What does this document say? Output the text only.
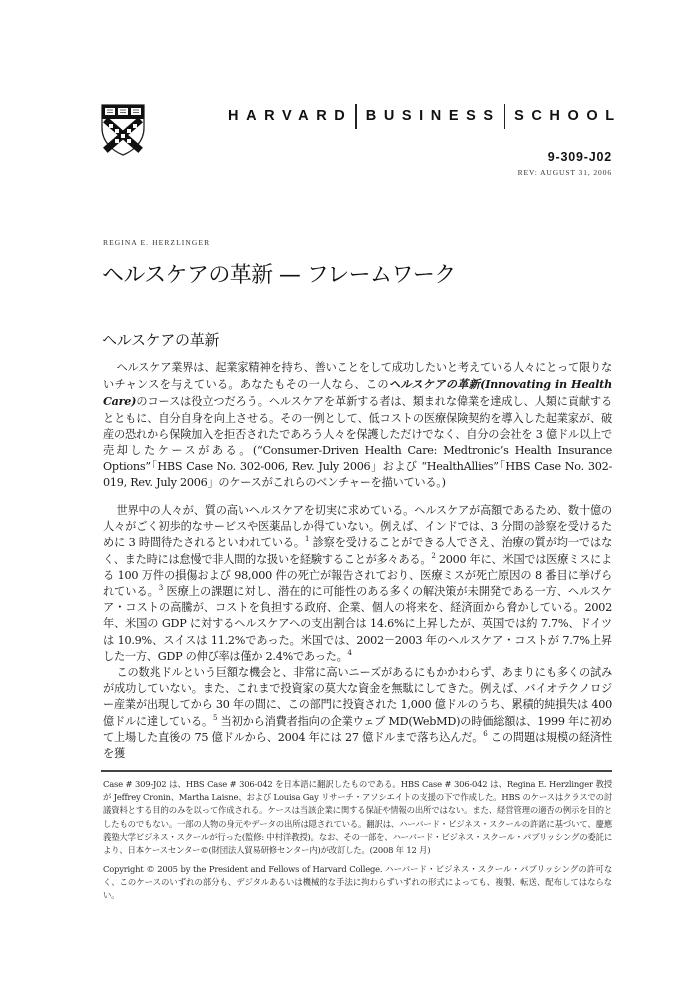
HARVARD BUSINESS SCHOOL
9-309-J02
REV: AUGUST 31, 2006
REGINA E. HERZLINGER
ヘルスケアの革新 — フレームワーク
ヘルスケアの革新

ヘルスケア業界は、起業家精神を持ち、善いことをして成功したいと考えている人々にとって限りないチャンスを与えている。あなたもその一人なら、このヘルスケアの革新(Innovating in Health Care)のコースは役立つだろう。ヘルスケアを革新する者は、類まれな偉業を達成し、人類に貢献するとともに、自分自身を向上させる。その一例として、低コストの医療保険契約を導入した起業家が、破産の恐れから保険加入を拒否されたであろう人々を保護しただけでなく、自分の会社を 3 億ドル以上で売却したケースがある。(“Consumer-Driven Health Care: Medtronic’s Health Insurance Options”「HBS Case No. 302-006, Rev. July 2006」および “HealthAllies”「HBS Case No. 302-019, Rev. July 2006」のケースがこれらのベンチャーを描いている。)

世界中の人々が、質の高いヘルスケアを切実に求めている。ヘルスケアが高額であるため、数十億の人々がごく初歩的なサービスや医薬品しか得ていない。例えば、インドでは、3 分間の診察を受けるために 3 時間待たされるといわれている。$^1$ 診察を受けることができる人でさえ、治療の質が均一ではなく、また時には怠慢で非人間的な扱いを経験することが多々ある。$^2$ 2000 年に、米国では医療ミスによる 100 万件の損傷および 98,000 件の死亡が報告されており、医療ミスが死亡原因の 8 番目に挙げられている。$^3$ 医療上の課題に対し、潜在的に可能性のある多くの解決策が未開発である一方、ヘルスケア・コストの高騰が、コストを負担する政府、企業、個人の将来を、経済面から脅かしている。2002 年、米国の GDP に対するヘルスケアへの支出割合は 14.6%に上昇したが、英国では約 7.7%、ドイツは 10.9%、スイスは 11.2%であった。米国では、2002－2003 年のヘルスケア・コストが 7.7%上昇した一方、GDP の伸び率は僅か 2.4%であった。$^4$

この数兆ドルという巨額な機会と、非常に高いニーズがあるにもかかわらず、あまりにも多くの試みが成功していない。また、これまで投資家の莫大な資金を無駄にしてきた。例えば、バイオテクノロジー産業が出現してから 30 年の間に、この部門に投資された 1,000 億ドルのうち、累積的純損失は 400 億ドルに達している。$^5$ 当初から消費者指向の企業ウェブ MD(WebMD)の時価総額は、1999 年に初めて上場した直後の 75 億ドルから、2004 年には 27 億ドルまで落ち込んだ。$^6$ この問題は規模の経済性を獲

Case # 309-J02 は、HBS Case # 306-042 を日本語に翻訳したものである。HBS Case # 306-042 は、Regina E. Herzlinger 教授が Jeffrey Cronin、Martha Laisne、および Louisa Gay リサーチ・アソシエイトの支援の下で作成した。HBS のケースはクラスでの討議資料とする目的のみを以って作成される。ケースは当該企業に関する保証や情報の出所ではない。また、経営管理の適否の例示を目的としたものでもない。一部の人物の身元やデータの出所は隠されている。翻訳は、ハーバード・ビジネス・スクールの許諾に基づいて、慶應義塾大学ビジネス・スクールが行った(監修: 中村洋教授)。なお、その一部を、ハーバード・ビジネス・スクール・パブリッシングの委託により、日本ケースセンター©(財団法人貿易研修センター内)が改訂した。(2008 年 12 月)

Copyright © 2005 by the President and Fellows of Harvard College. ハーバード・ビジネス・スクール・パブリッシングの許可なく、このケースのいずれの部分も、デジタルあるいは機械的な手法に拘わらずいずれの形式によっても、複製、転送、配布してはならない。
